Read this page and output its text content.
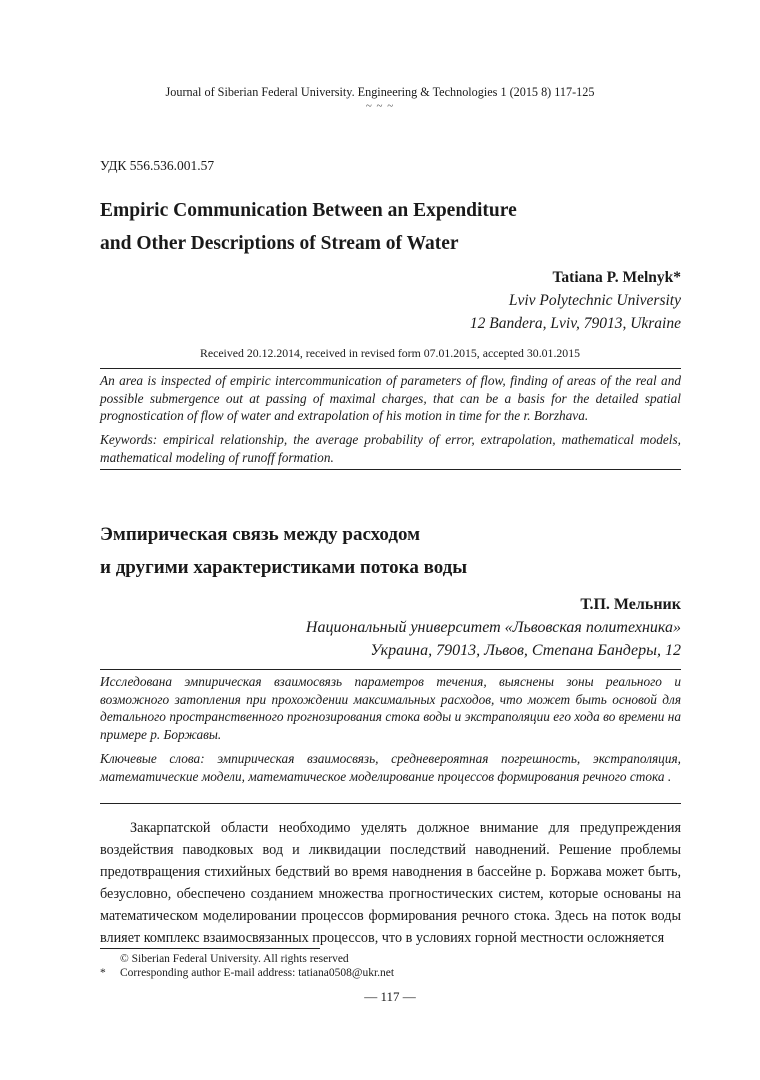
Journal of Siberian Federal University. Engineering & Technologies 1 (2015 8) 117-125
~ ~ ~
УДК 556.536.001.57
Empiric Communication Between an Expenditure
and Other Descriptions of Stream of Water
Tatiana P. Melnyk*
Lviv Polytechnic University
12 Bandera, Lviv, 79013, Ukraine
Received 20.12.2014, received in revised form 07.01.2015, accepted 30.01.2015
An area is inspected of empiric intercommunication of parameters of flow, finding of areas of the real and possible submergence out at passing of maximal charges, that can be a basis for the detailed spatial prognostication of flow of water and extrapolation of his motion in time for the r. Borzhava.
Keywords: empirical relationship, the average probability of error, extrapolation, mathematical models, mathematical modeling of runoff formation.
Эмпирическая связь между расходом
и другими характеристиками потока воды
Т.П. Мельник
Национальный университет «Львовская политехника»
Украина, 79013, Львов, Степана Бандеры, 12
Исследована эмпирическая взаимосвязь параметров течения, выяснены зоны реального и возможного затопления при прохождении максимальных расходов, что может быть основой для детального пространственного прогнозирования стока воды и экстраполяции его хода во времени на примере р. Боржавы.
Ключевые слова: эмпирическая взаимосвязь, средневероятная погрешность, экстраполяция, математические модели, математическое моделирование процессов формирования речного стока .
Закарпатской области необходимо уделять должное внимание для предупреждения воздействия паводковых вод и ликвидации последствий наводнений. Решение проблемы предотвращения стихийных бедствий во время наводнения в бассейне р. Боржава может быть, безусловно, обеспечено созданием множества прогностических систем, которые основаны на математическом моделировании процессов формирования речного стока. Здесь на поток воды влияет комплекс взаимосвязанных процессов, что в условиях горной местности осложняется
© Siberian Federal University. All rights reserved
* Corresponding author E-mail address: tatiana0508@ukr.net
— 117 —
